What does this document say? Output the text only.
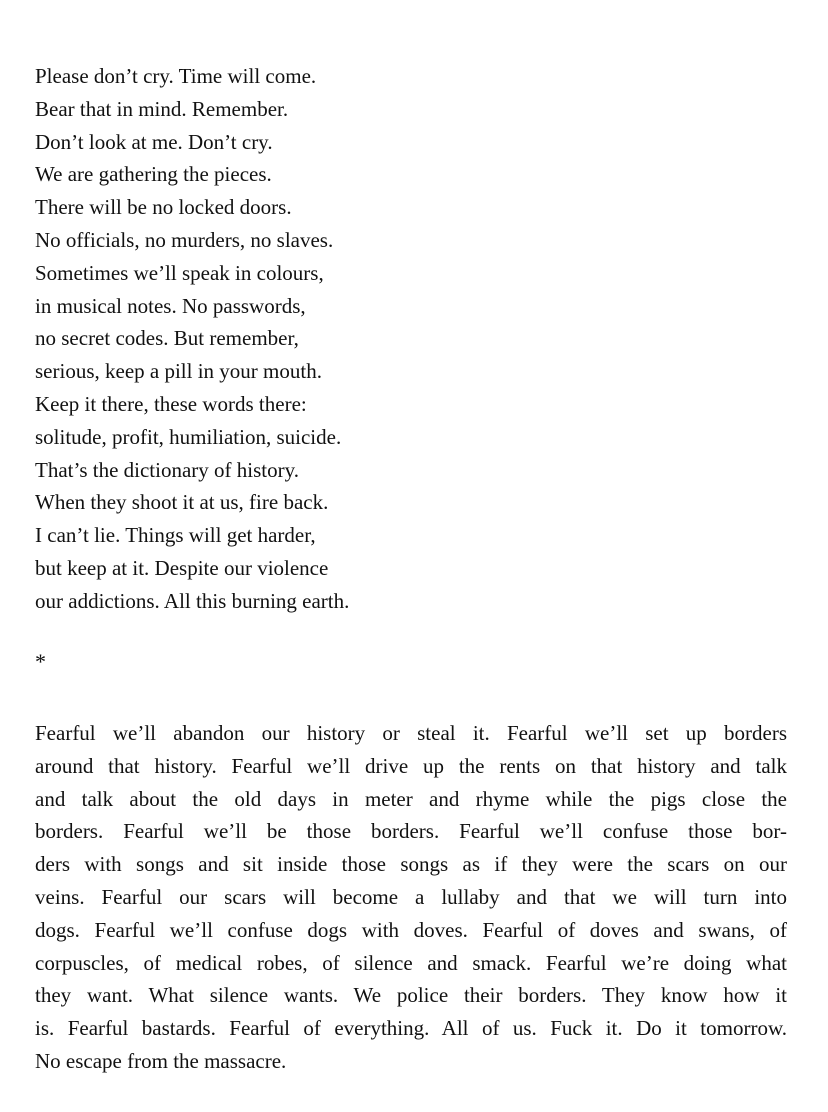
Please don’t cry. Time will come.
Bear that in mind. Remember.
Don’t look at me. Don’t cry.
We are gathering the pieces.
There will be no locked doors.
No officials, no murders, no slaves.
Sometimes we’ll speak in colours,
in musical notes. No passwords,
no secret codes. But remember,
serious, keep a pill in your mouth.
Keep it there, these words there:
solitude, profit, humiliation, suicide.
That’s the dictionary of history.
When they shoot it at us, fire back.
I can’t lie. Things will get harder,
but keep at it. Despite our violence
our addictions. All this burning earth.
*
Fearful we’ll abandon our history or steal it. Fearful we’ll set up borders
around that history. Fearful we’ll drive up the rents on that history and talk
and talk about the old days in meter and rhyme while the pigs close the
borders. Fearful we’ll be those borders. Fearful we’ll confuse those bor-
ders with songs and sit inside those songs as if they were the scars on our
veins. Fearful our scars will become a lullaby and that we will turn into
dogs. Fearful we’ll confuse dogs with doves. Fearful of doves and swans, of
corpuscles, of medical robes, of silence and smack. Fearful we’re doing what
they want. What silence wants. We police their borders. They know how it
is. Fearful bastards. Fearful of everything. All of us. Fuck it. Do it tomorrow.
No escape from the massacre.
